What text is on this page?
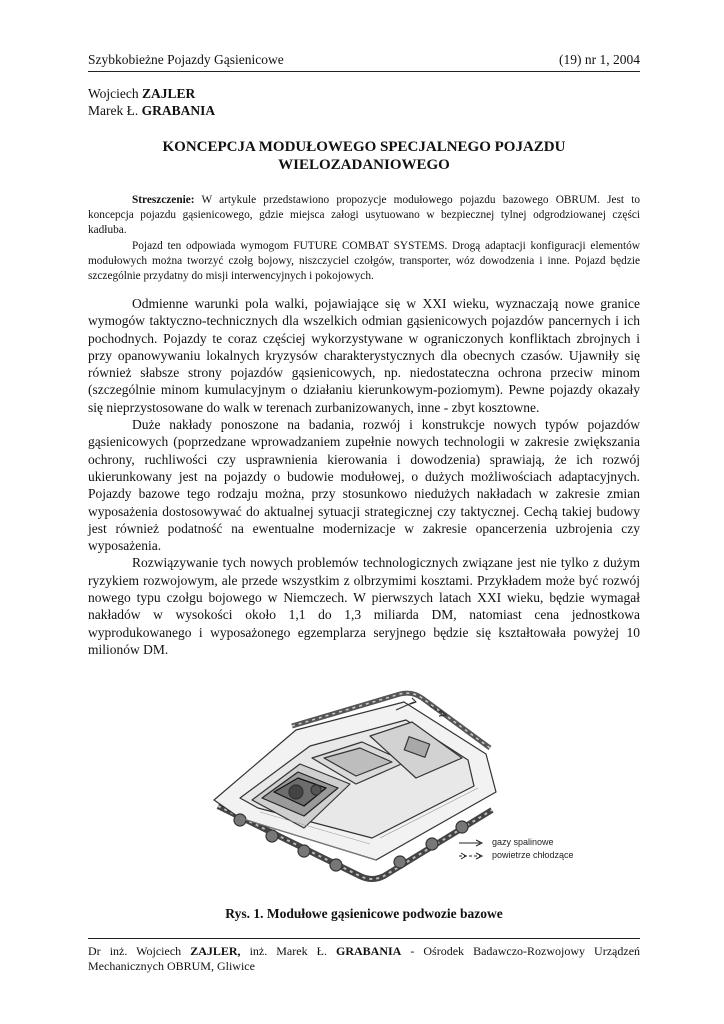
Szybkobieżne Pojazdy Gąsienicowe	(19) nr 1, 2004
Wojciech ZAJLER
Marek Ł. GRABANIA
KONCEPCJA MODUŁOWEGO SPECJALNEGO POJAZDU
WIELOZADANIOWEGO

Streszczenie: W artykule przedstawiono propozycje modułowego pojazdu bazowego OBRUM. Jest to koncepcja pojazdu gąsienicowego, gdzie miejsca załogi usytuowano w bezpiecznej tylnej odgrodziowanej części kadłuba.

Pojazd ten odpowiada wymogom FUTURE COMBAT SYSTEMS. Drogą adaptacji konfiguracji elementów modułowych można tworzyć czołg bojowy, niszczyciel czołgów, transporter, wóz dowodzenia i inne. Pojazd będzie szczególnie przydatny do misji interwencyjnych i pokojowych.

Odmienne warunki pola walki, pojawiające się w XXI wieku, wyznaczają nowe granice wymogów taktyczno-technicznych dla wszelkich odmian gąsienicowych pojazdów pancernych i ich pochodnych. Pojazdy te coraz częściej wykorzystywane w ograniczonych konfliktach zbrojnych i przy opanowywaniu lokalnych kryzysów charakterystycznych dla obecnych czasów. Ujawniły się również słabsze strony pojazdów gąsienicowych, np. niedostateczna ochrona przeciw minom (szczególnie minom kumulacyjnym o działaniu kierunkowym-poziomym). Pewne pojazdy okazały się nieprzystosowane do walk w terenach zurbanizowanych, inne - zbyt kosztowne.

Duże nakłady ponoszone na badania, rozwój i konstrukcje nowych typów pojazdów gąsienicowych (poprzedzane wprowadzaniem zupełnie nowych technologii w zakresie zwiększania ochrony, ruchliwości czy usprawnienia kierowania i dowodzenia) sprawiają, że ich rozwój ukierunkowany jest na pojazdy o budowie modułowej, o dużych możliwościach adaptacyjnych. Pojazdy bazowe tego rodzaju można, przy stosunkowo niedużych nakładach w zakresie zmian wyposażenia dostosowywać do aktualnej sytuacji strategicznej czy taktycznej. Cechą takiej budowy jest również podatność na ewentualne modernizacje w zakresie opancerzenia uzbrojenia czy wyposażenia.

Rozwiązywanie tych nowych problemów technologicznych związane jest nie tylko z dużym ryzykiem rozwojowym, ale przede wszystkim z olbrzymimi kosztami. Przykładem może być rozwój nowego typu czołgu bojowego w Niemczech. W pierwszych latach XXI wieku, będzie wymagał nakładów w wysokości około 1,1 do 1,3 miliarda DM, natomiast cena jednostkowa wyprodukowanego i wyposażonego egzemplarza seryjnego będzie się kształtowała powyżej 10 milionów DM.

gazy spalinowe
powietrze chłodzące
Rys. 1. Modułowe gąsienicowe podwozie bazowe
Dr inż. Wojciech ZAJLER, inż. Marek Ł. GRABANIA - Ośrodek Badawczo-Rozwojowy Urządzeń Mechanicznych OBRUM, Gliwice
